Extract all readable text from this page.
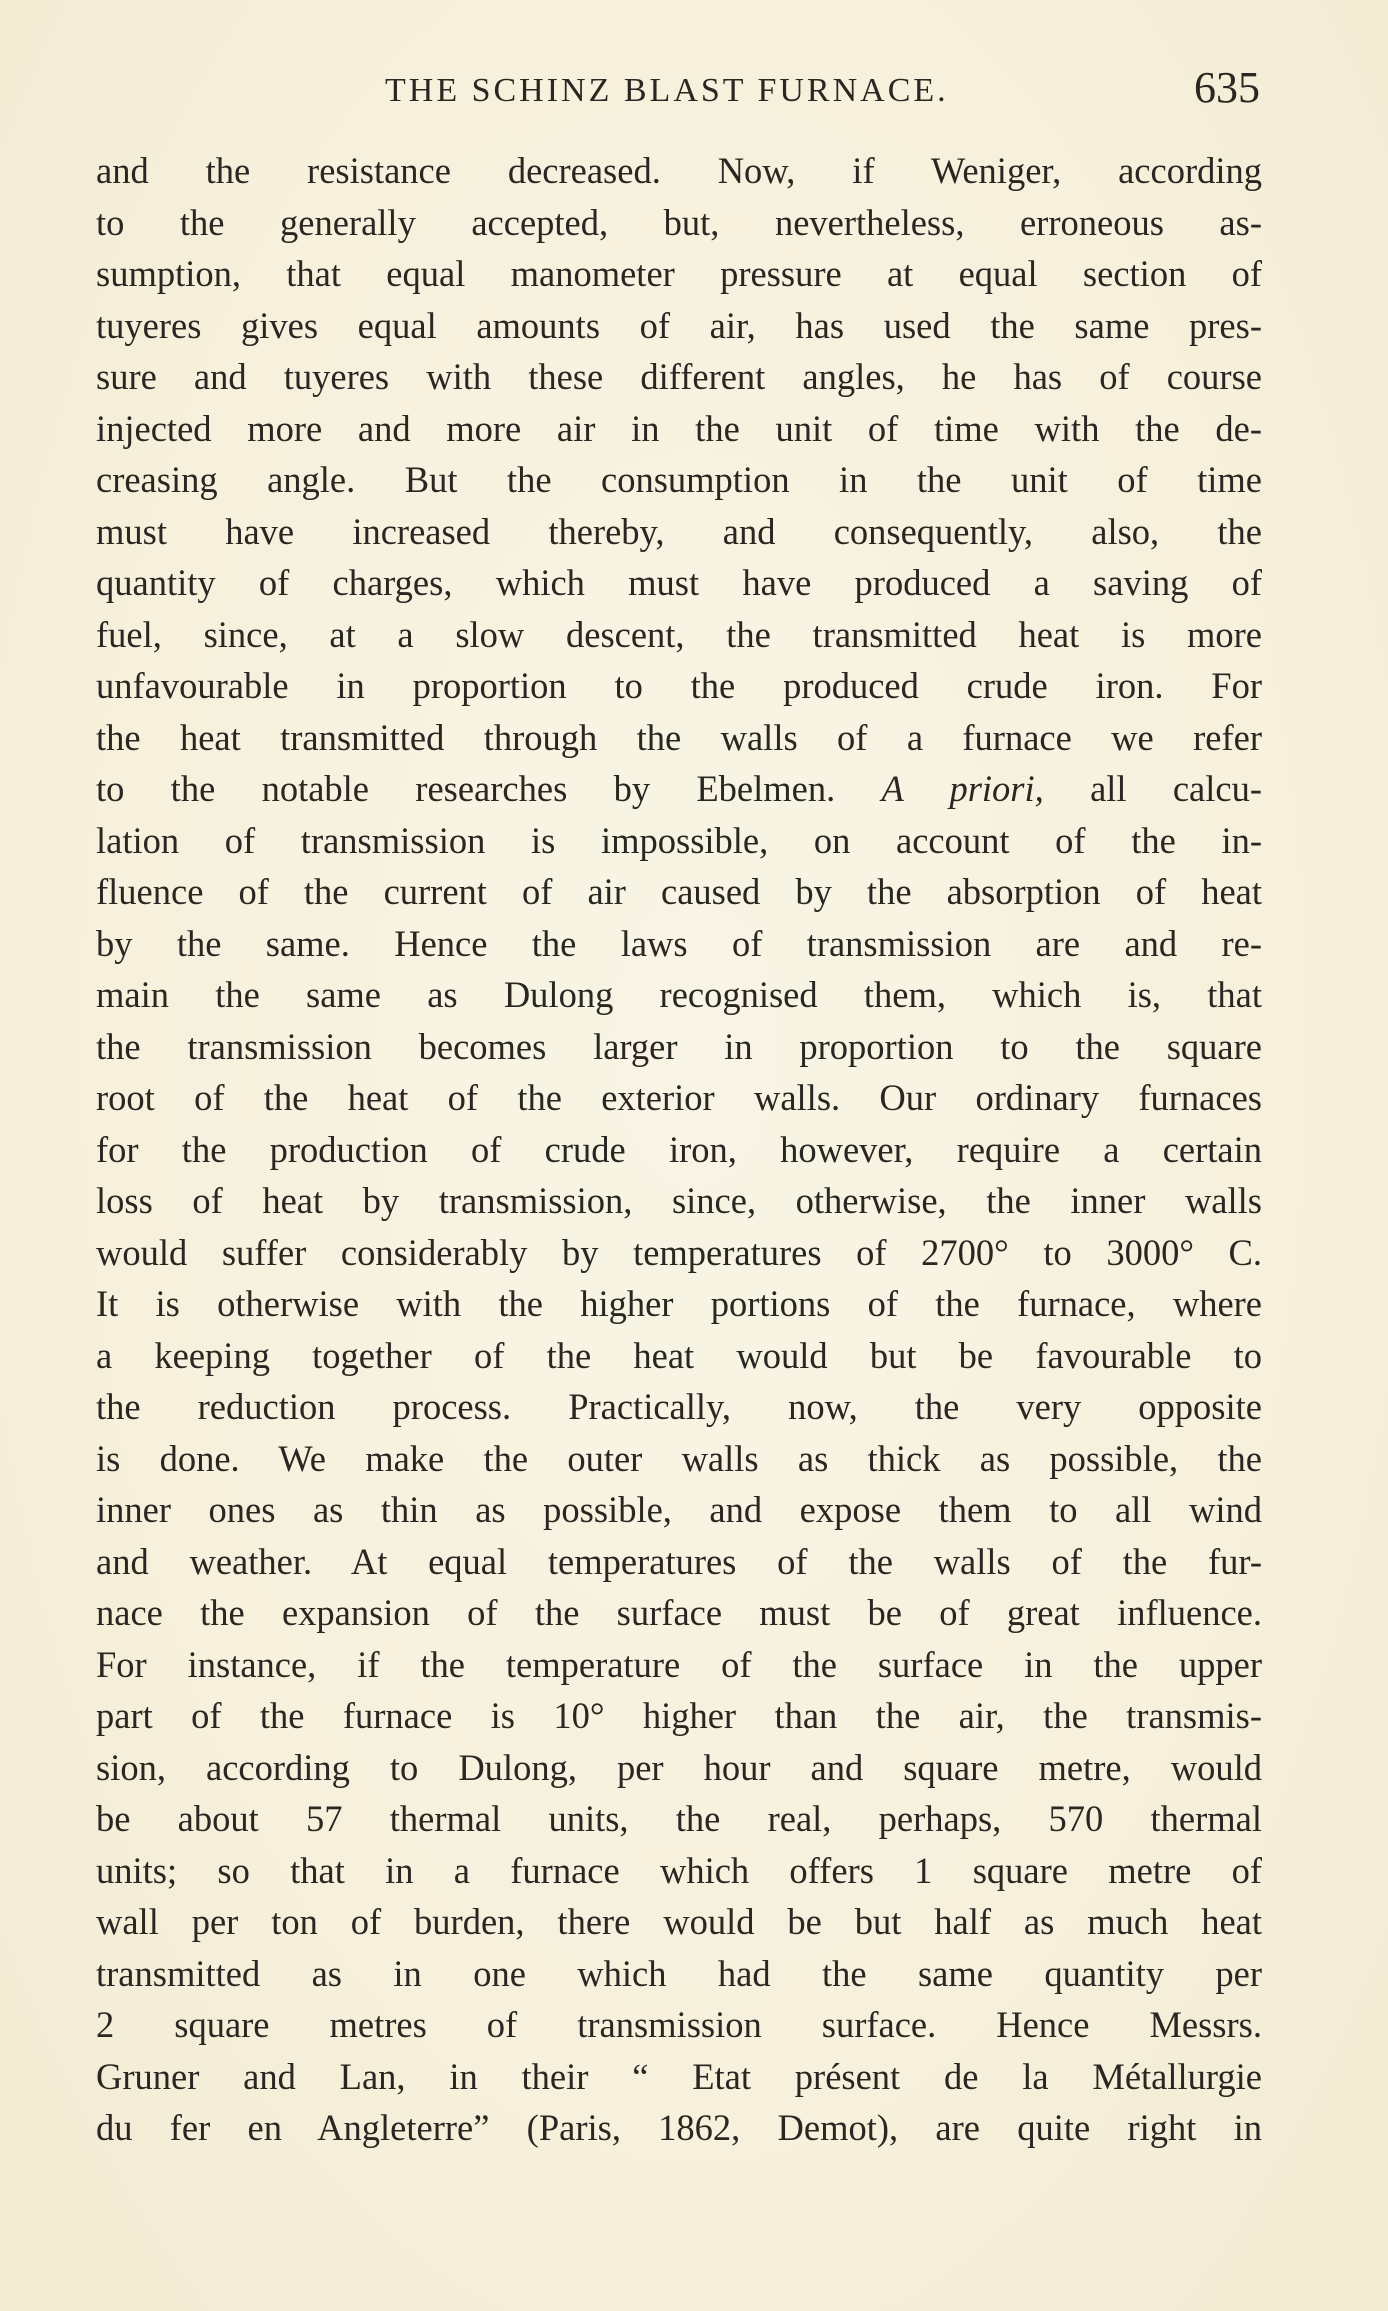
THE SCHINZ BLAST FURNACE.	635
and the resistance decreased. Now, if Weniger, according
to the generally accepted, but, nevertheless, erroneous as-
sumption, that equal manometer pressure at equal section of
tuyeres gives equal amounts of air, has used the same pres-
sure and tuyeres with these different angles, he has of course
injected more and more air in the unit of time with the de-
creasing angle. But the consumption in the unit of time
must have increased thereby, and consequently, also, the
quantity of charges, which must have produced a saving of
fuel, since, at a slow descent, the transmitted heat is more
unfavourable in proportion to the produced crude iron. For
the heat transmitted through the walls of a furnace we refer
to the notable researches by Ebelmen. A priori, all calcu-
lation of transmission is impossible, on account of the in-
fluence of the current of air caused by the absorption of heat
by the same. Hence the laws of transmission are and re-
main the same as Dulong recognised them, which is, that
the transmission becomes larger in proportion to the square
root of the heat of the exterior walls. Our ordinary furnaces
for the production of crude iron, however, require a certain
loss of heat by transmission, since, otherwise, the inner walls
would suffer considerably by temperatures of 2700° to 3000° C.
It is otherwise with the higher portions of the furnace, where
a keeping together of the heat would but be favourable to
the reduction process. Practically, now, the very opposite
is done. We make the outer walls as thick as possible, the
inner ones as thin as possible, and expose them to all wind
and weather. At equal temperatures of the walls of the fur-
nace the expansion of the surface must be of great influence.
For instance, if the temperature of the surface in the upper
part of the furnace is 10° higher than the air, the transmis-
sion, according to Dulong, per hour and square metre, would
be about 57 thermal units, the real, perhaps, 570 thermal
units; so that in a furnace which offers 1 square metre of
wall per ton of burden, there would be but half as much heat
transmitted as in one which had the same quantity per
2 square metres of transmission surface. Hence Messrs.
Gruner and Lan, in their “ Etat présent de la Métallurgie
du fer en Angleterre” (Paris, 1862, Demot), are quite right in
